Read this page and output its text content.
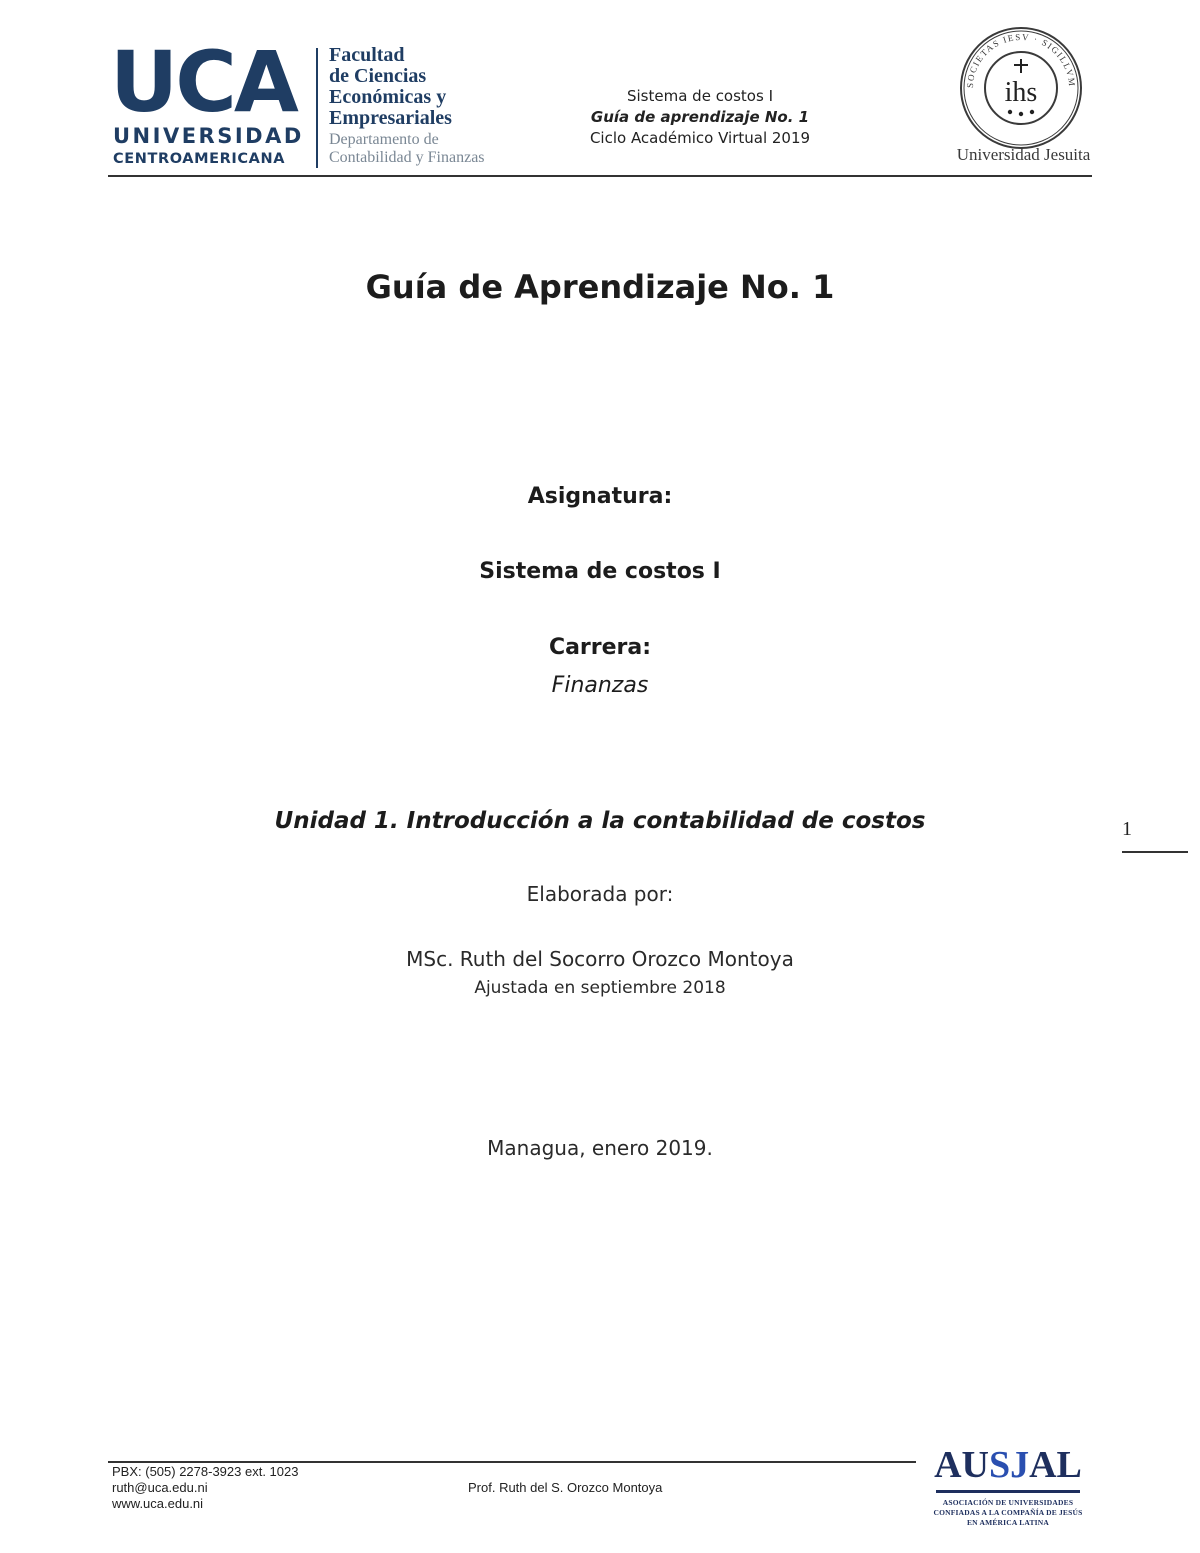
UCA
UNIVERSIDAD
CENTROAMERICANA
Facultad
de Ciencias
Económicas y
Empresariales
Departamento de
Contabilidad y Finanzas
Sistema de costos I
Guía de aprendizaje No. 1
Ciclo Académico Virtual 2019
SOCIETAS IESV · SIGILLVM
ihs
Universidad Jesuita
Guía de Aprendizaje No. 1
Asignatura:
Sistema de costos I
Carrera:
Finanzas
Unidad 1. Introducción a la contabilidad de costos
Elaborada por:
MSc. Ruth del Socorro Orozco Montoya
Ajustada en septiembre 2018
Managua, enero 2019.
1
PBX: (505) 2278-3923 ext. 1023
ruth@uca.edu.ni
www.uca.edu.ni
Prof. Ruth del S. Orozco Montoya
AUSJAL
ASOCIACIÓN DE UNIVERSIDADES
CONFIADAS A LA COMPAÑÍA DE JESÚS
EN AMÉRICA LATINA
